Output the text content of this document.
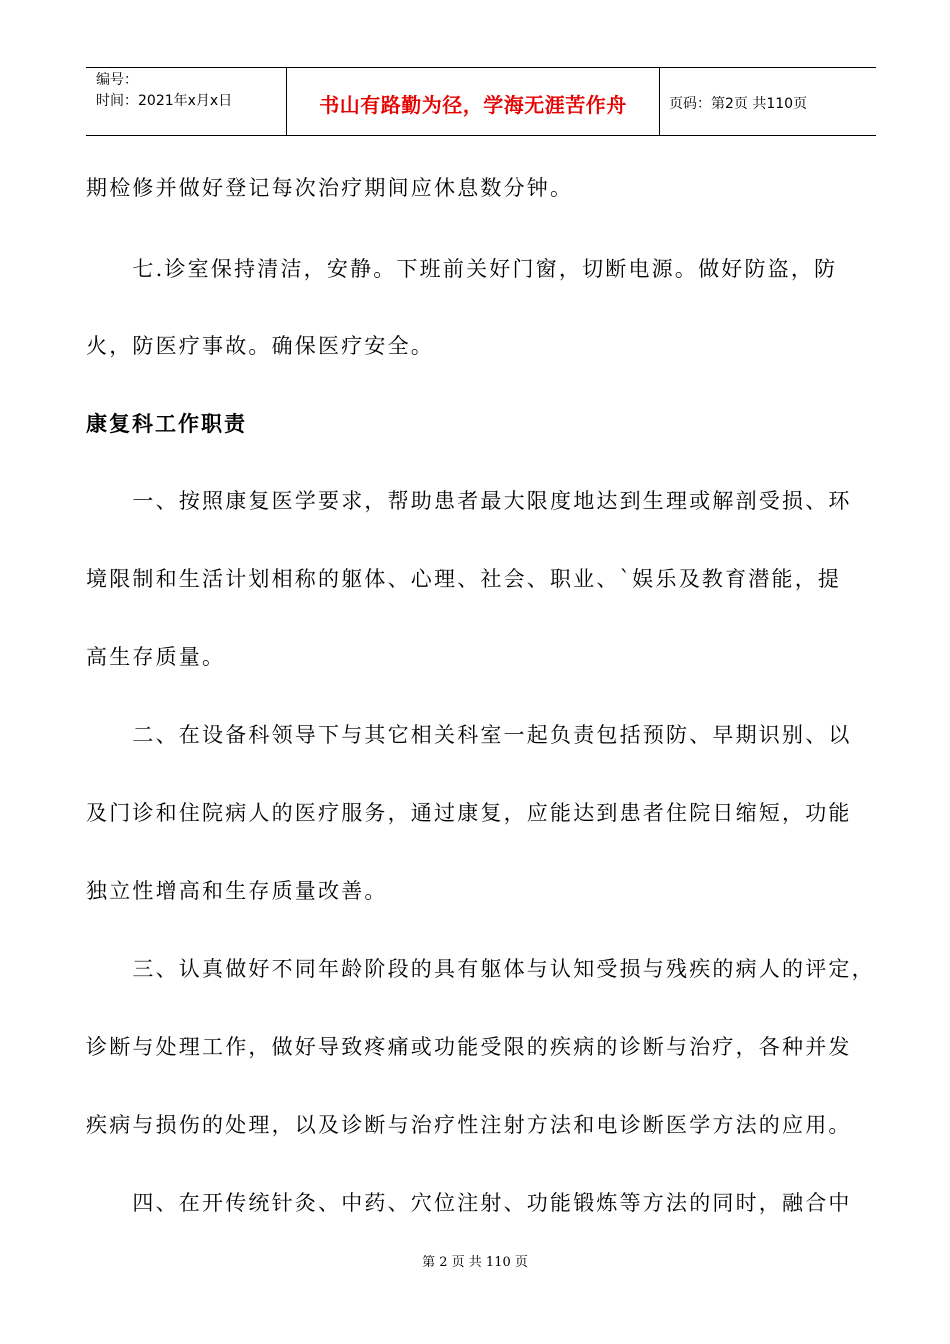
编号：
时间：2021年x月x日	书山有路勤为径，学海无涯苦作舟	页码：第2页 共110页
期检修并做好登记每次治疗期间应休息数分钟。
　　七.诊室保持清洁，安静。下班前关好门窗，切断电源。做好防盗，防
火，防医疗事故。确保医疗安全。
康复科工作职责
　　一、按照康复医学要求，帮助患者最大限度地达到生理或解剖受损、环
境限制和生活计划相称的躯体、心理、社会、职业、`娱乐及教育潜能，提
高生存质量。
　　二、在设备科领导下与其它相关科室一起负责包括预防、早期识别、以
及门诊和住院病人的医疗服务，通过康复，应能达到患者住院日缩短，功能
独立性增高和生存质量改善。
　　三、认真做好不同年龄阶段的具有躯体与认知受损与残疾的病人的评定，
诊断与处理工作，做好导致疼痛或功能受限的疾病的诊断与治疗，各种并发
疾病与损伤的处理，以及诊断与治疗性注射方法和电诊断医学方法的应用。
　　四、在开传统针灸、中药、穴位注射、功能锻炼等方法的同时，融合中
第 2 页 共 110 页
